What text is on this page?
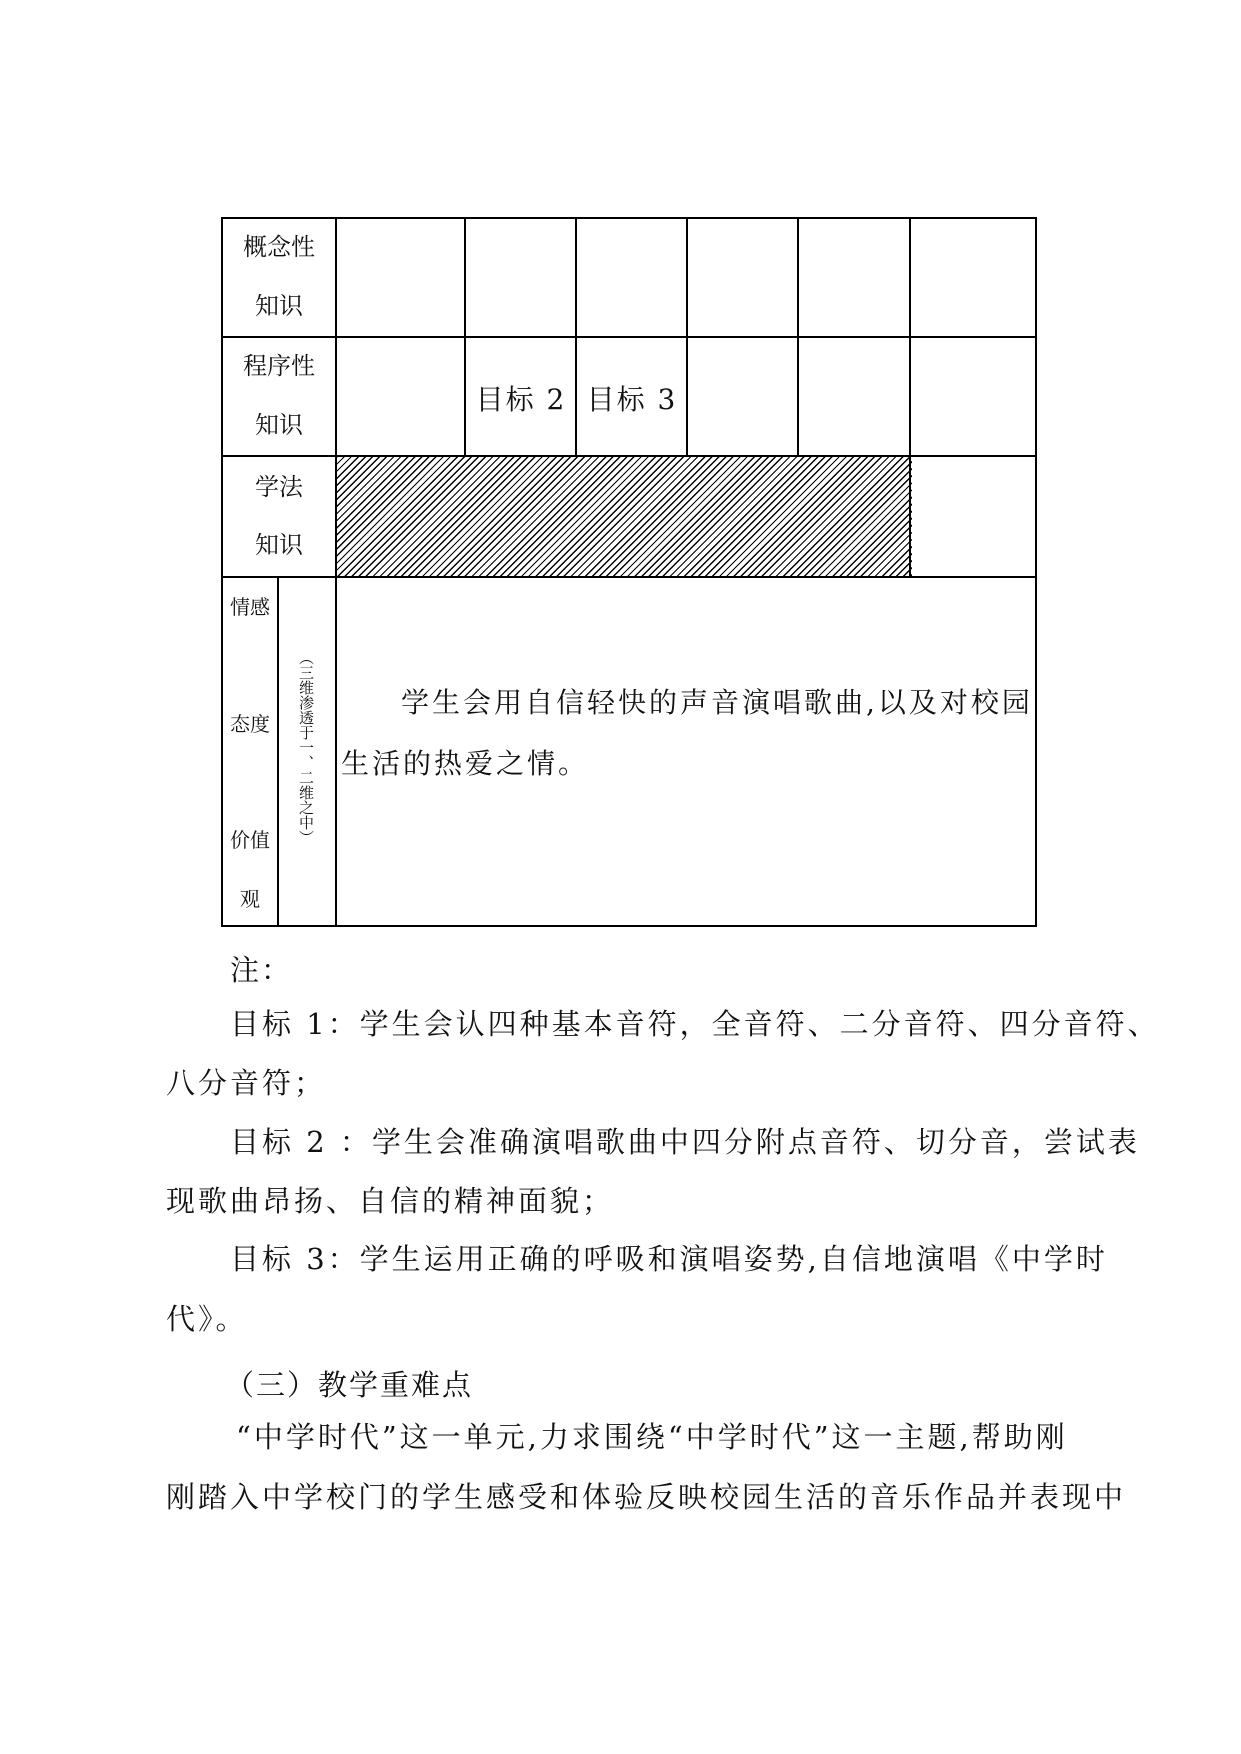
概念性
知识
程序性
知识
目标 2 目标 3
学法
知识
情感
态度
价值
观
（三维渗透于一、二维之中）	学生会用自信轻快的声音演唱歌曲,以及对校园
生活的热爱之情。
注：
目标 1：学生会认四种基本音符，全音符、二分音符、四分音符、
八分音符；
目标 2 ：学生会准确演唱歌曲中四分附点音符、切分音，尝试表
现歌曲昂扬、自信的精神面貌；
目标 3：学生运用正确的呼吸和演唱姿势,自信地演唱《中学时
代》。
（三）教学重难点
“中学时代”这一单元,力求围绕“中学时代”这一主题,帮助刚
刚踏入中学校门的学生感受和体验反映校园生活的音乐作品并表现中
